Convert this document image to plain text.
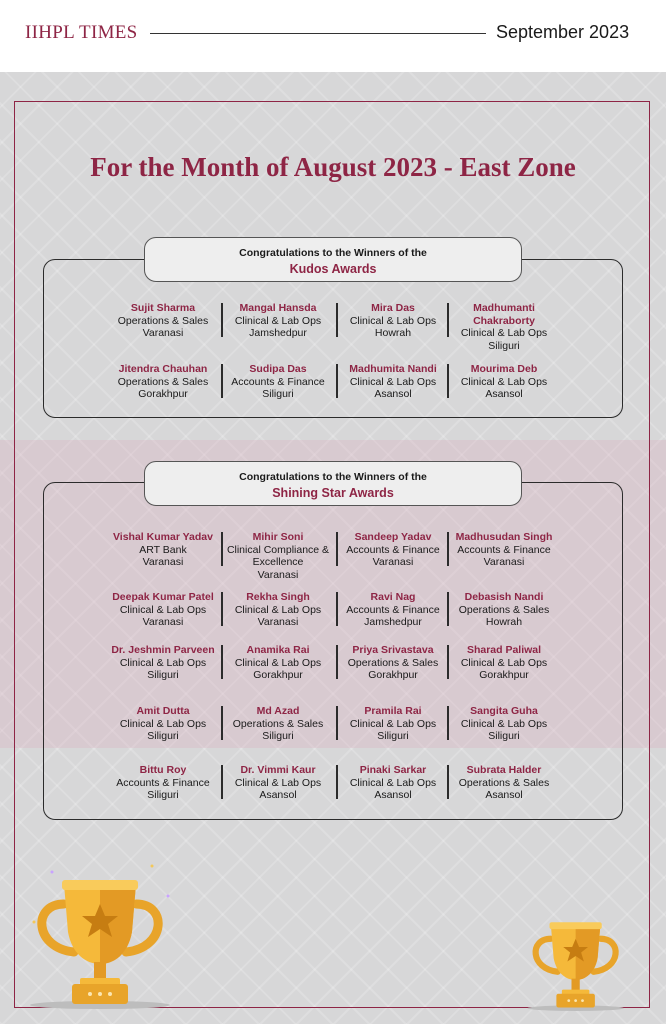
IIHPL TIMES	September 2023
For the Month of August 2023 - East Zone
Congratulations to the Winners of the
Kudos Awards
Sujit Sharma
Operations & Sales
Varanasi
Mangal Hansda
Clinical & Lab Ops
Jamshedpur
Mira Das
Clinical & Lab Ops
Howrah
Madhumanti Chakraborty
Clinical & Lab Ops
Siliguri
Jitendra Chauhan
Operations & Sales
Gorakhpur
Sudipa Das
Accounts & Finance
Siliguri
Madhumita Nandi
Clinical & Lab Ops
Asansol
Mourima Deb
Clinical & Lab Ops
Asansol
Congratulations to the Winners of the
Shining Star Awards
Vishal Kumar Yadav
ART Bank
Varanasi
Mihir Soni
Clinical Compliance &
Excellence
Varanasi
Sandeep Yadav
Accounts & Finance
Varanasi
Madhusudan Singh
Accounts & Finance
Varanasi
Deepak Kumar Patel
Clinical & Lab Ops
Varanasi
Rekha Singh
Clinical & Lab Ops
Varanasi
Ravi Nag
Accounts & Finance
Jamshedpur
Debasish Nandi
Operations & Sales
Howrah
Dr. Jeshmin Parveen
Clinical & Lab Ops
Siliguri
Anamika Rai
Clinical & Lab Ops
Gorakhpur
Priya Srivastava
Operations & Sales
Gorakhpur
Sharad Paliwal
Clinical & Lab Ops
Gorakhpur
Amit Dutta
Clinical & Lab Ops
Siliguri
Md Azad
Operations & Sales
Siliguri
Pramila Rai
Clinical & Lab Ops
Siliguri
Sangita Guha
Clinical & Lab Ops
Siliguri
Bittu Roy
Accounts & Finance
Siliguri
Dr. Vimmi Kaur
Clinical & Lab Ops
Asansol
Pinaki Sarkar
Clinical & Lab Ops
Asansol
Subrata Halder
Operations & Sales
Asansol
